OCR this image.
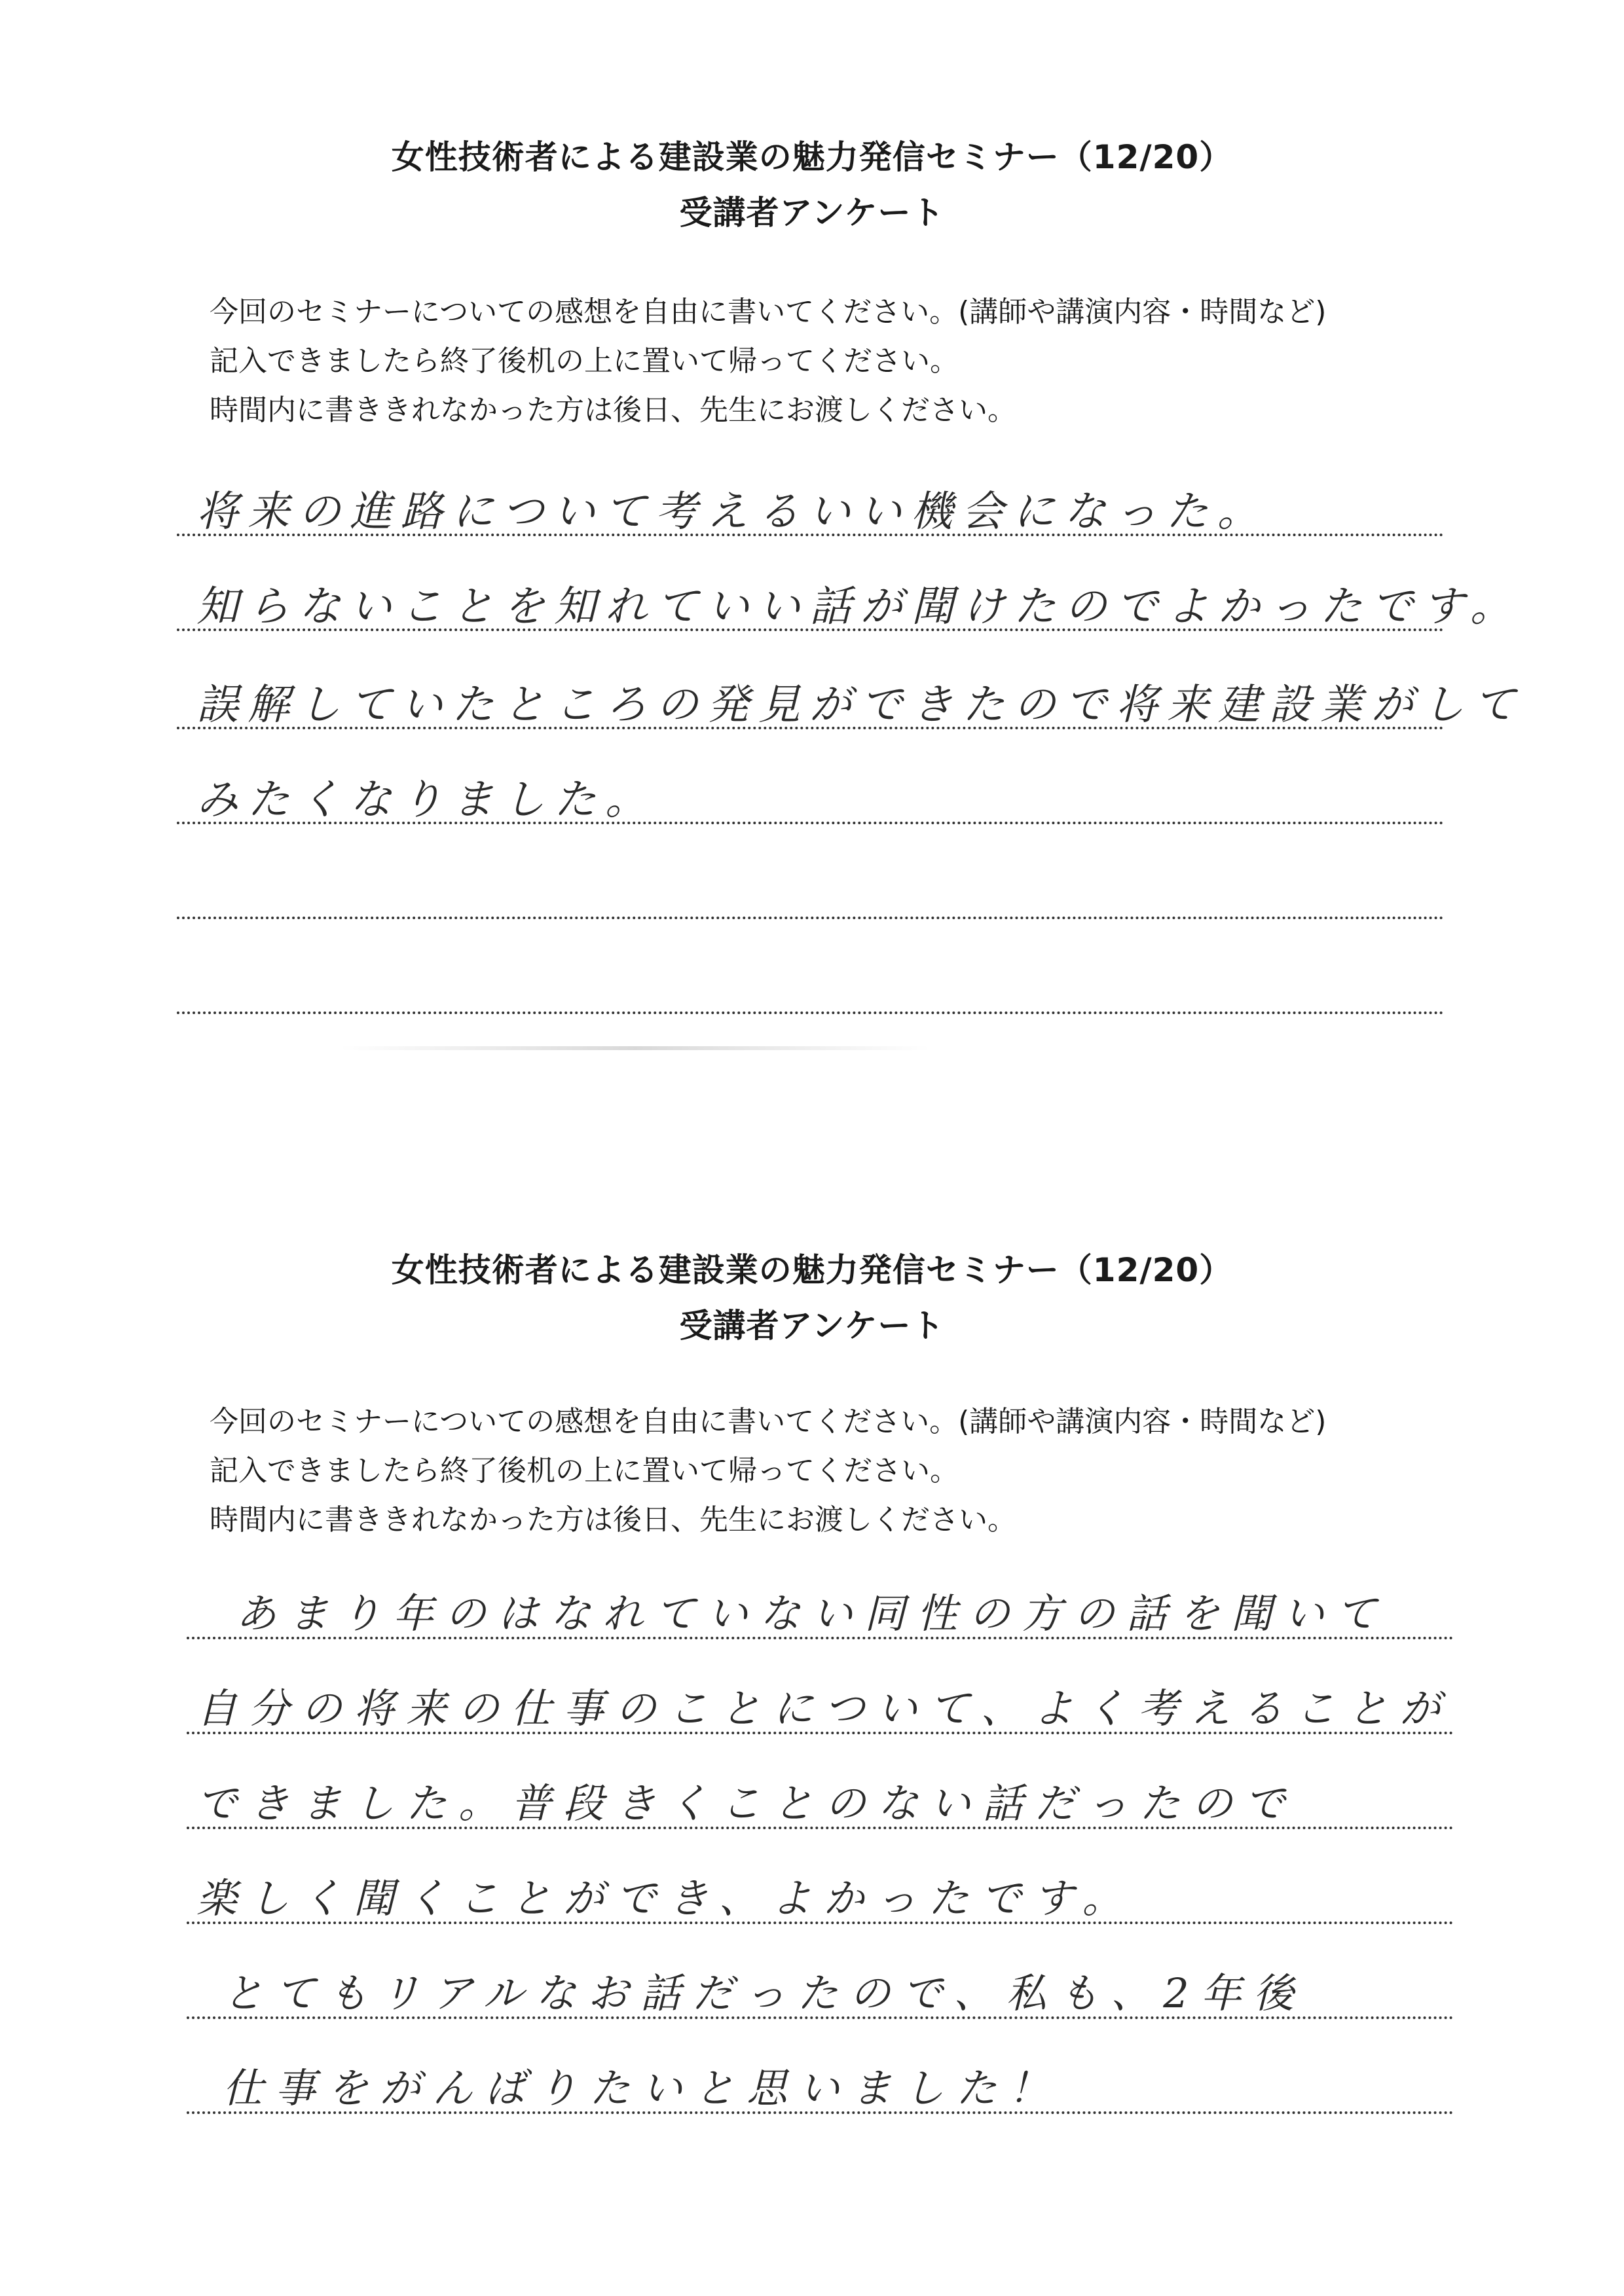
女性技術者による建設業の魅力発信セミナー（12/20）
受講者アンケート
今回のセミナーについての感想を自由に書いてください。(講師や講演内容・時間など)
記入できましたら終了後机の上に置いて帰ってください。
時間内に書ききれなかった方は後日、先生にお渡しください。
将来の進路について考えるいい機会になった。
知らないことを知れていい話が聞けたのでよかったです。
誤解していたところの発見ができたので将来建設業がして
みたくなりました。
女性技術者による建設業の魅力発信セミナー（12/20）
受講者アンケート
今回のセミナーについての感想を自由に書いてください。(講師や講演内容・時間など)
記入できましたら終了後机の上に置いて帰ってください。
時間内に書ききれなかった方は後日、先生にお渡しください。
あまり年のはなれていない同性の方の話を聞いて
自分の将来の仕事のことについて、よく考えることが
できました。普段きくことのない話だったので
楽しく聞くことができ、よかったです。
とてもリアルなお話だったので、私も、2年後
仕事をがんばりたいと思いました！
